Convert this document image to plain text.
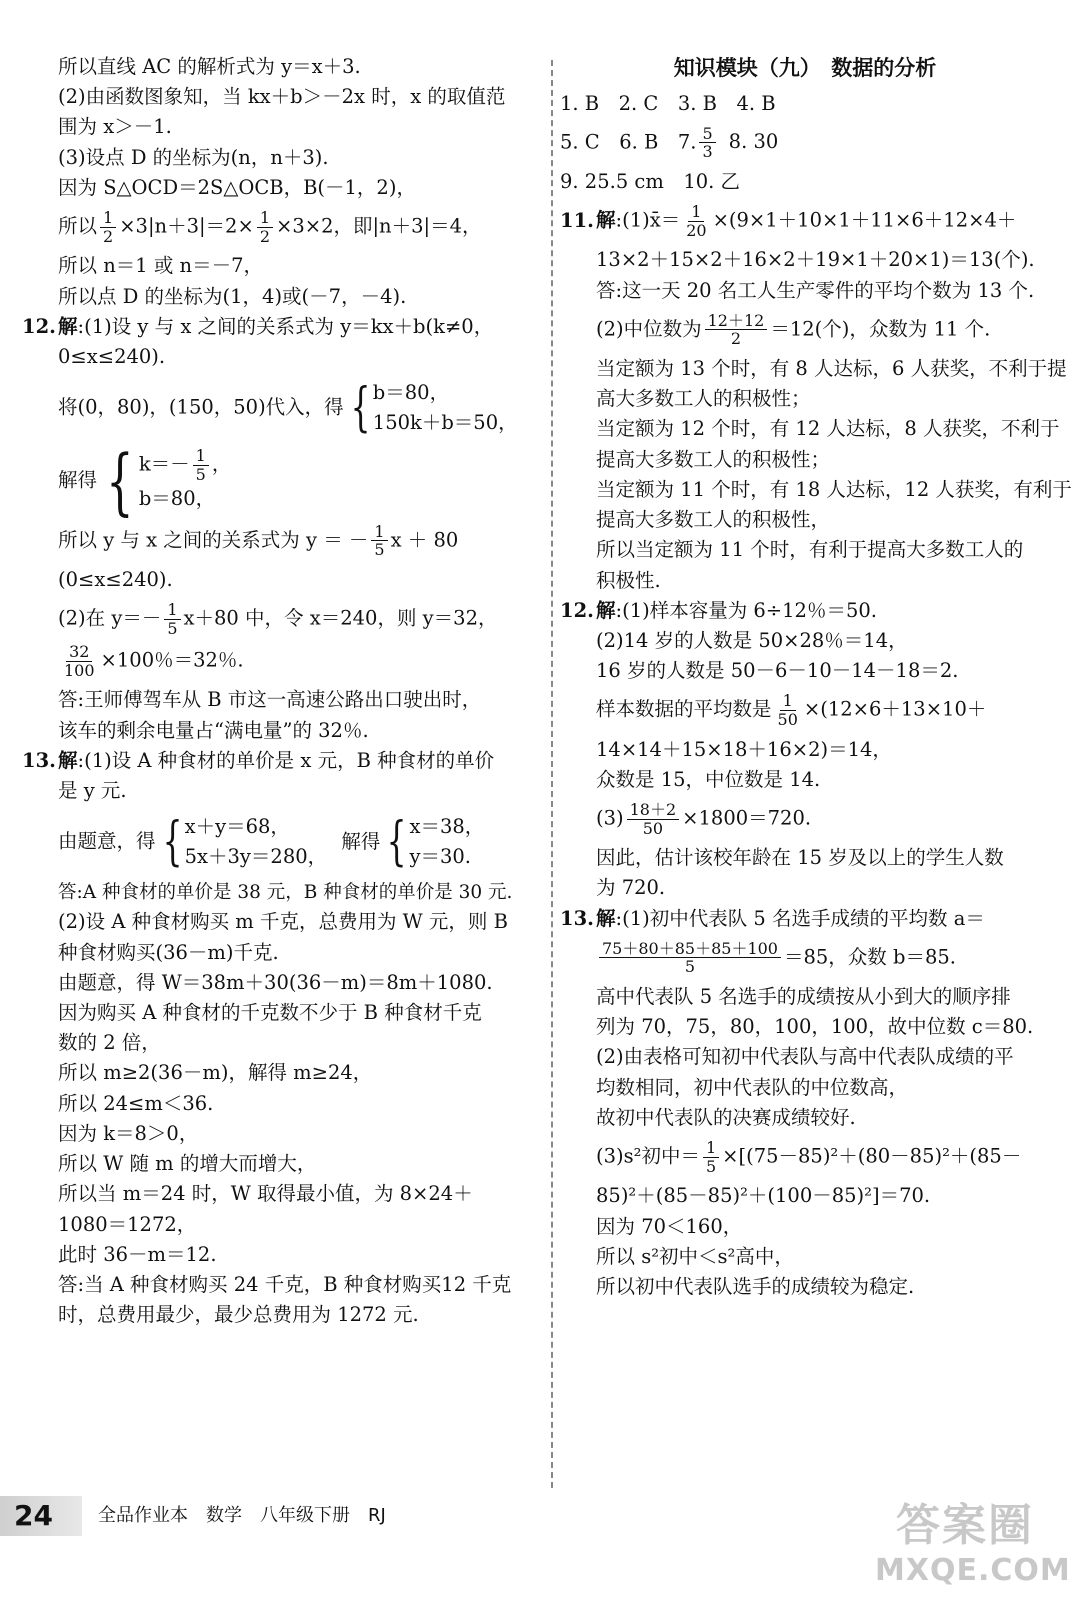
所以直线 AC 的解析式为 y＝x＋3.
(2)由函数图象知，当 kx＋b＞－2x 时，x 的取值范
围为 x＞－1.
(3)设点 D 的坐标为(n，n＋3).
因为 S△OCD＝2S△OCB，B(－1，2)，
所以 $\frac{1}{2} \times 3|n+3|=2\times \frac{1}{2} \times 3\times 2$，即|n＋3|＝4，
所以 n＝1 或 n＝－7，
所以点 D 的坐标为(1，4)或(－7，－4).
12. 解:(1)设 y 与 x 之间的关系式为 y＝kx＋b(k≠0，
0≤x≤240).
将(0，80)，(150，50)代入，得 { b＝80，
150k＋b＝50，
解得 { $k=- \frac{1}{5}$ ，
b＝80，
所以 y 与 x 之间的关系式为 y ＝ － $\frac{1}{5}$ x ＋ 80
(0≤x≤240).
(2)在 $y=- \frac{1}{5} x+80$ 中，令 x＝240，则 y＝32，
$\frac{32}{100} \times 100$％＝32％.
答:王师傅驾车从 B 市这一高速公路出口驶出时，
该车的剩余电量占“满电量”的 32％.
13. 解:(1)设 A 种食材的单价是 x 元，B 种食材的单价
是 y 元.
由题意，得 { x＋y＝68，
5x＋3y＝280，
解得 { x＝38，
y＝30.
答:A 种食材的单价是 38 元，B 种食材的单价是 30 元.
(2)设 A 种食材购买 m 千克，总费用为 W 元，则 B
种食材购买(36－m)千克.
由题意，得 W＝38m＋30(36－m)＝8m＋1080.
因为购买 A 种食材的千克数不少于 B 种食材千克
数的 2 倍，
所以 m≥2(36－m)，解得 m≥24，
所以 24≤m＜36.
因为 k＝8＞0，
所以 W 随 m 的增大而增大，
所以当 m＝24 时，W 取得最小值，为 8×24＋
1080＝1272，
此时 36－m＝12.
答:当 A 种食材购买 24 千克，B 种食材购买12 千克
时，总费用最少，最少总费用为 1272 元.
知识模块（九）　数据的分析
1. B　2. C　3. B　4. B
5. C　6. B　7. $\frac{5}{3} 8$. 30
9. 25.5 cm　10. 乙
11. 解:(1)x̄＝ $\frac{1}{20} \times(9\times 1+10\times 1+11\times 6+12\times 4+$
13×2＋15×2＋16×2＋19×1＋20×1)＝13(个).
答:这一天 20 名工人生产零件的平均个数为 13 个.
(2)中位数为 $\frac{12+12}{2} =12$(个)，众数为 11 个.
当定额为 13 个时，有 8 人达标，6 人获奖，不利于提
高大多数工人的积极性；
当定额为 12 个时，有 12 人达标，8 人获奖，不利于
提高大多数工人的积极性；
当定额为 11 个时，有 18 人达标，12 人获奖，有利于
提高大多数工人的积极性，
所以当定额为 11 个时，有利于提高大多数工人的
积极性.
12. 解:(1)样本容量为 6÷12％＝50.
(2)14 岁的人数是 50×28％＝14，
16 岁的人数是 50－6－10－14－18＝2.
样本数据的平均数是 $\frac{1}{50} \times(12\times 6+13\times 10+$
14×14＋15×18＋16×2)＝14，
众数是 15，中位数是 14.
$(3) \frac{18+2}{50} \times 1800=720$.
因此，估计该校年龄在 15 岁及以上的学生人数
为 720.
13. 解:(1)初中代表队 5 名选手成绩的平均数 a＝
$\frac{75+80+85+85+100}{5} =85$，众数 b＝85.
高中代表队 5 名选手的成绩按从小到大的顺序排
列为 70，75，80，100，100，故中位数 c＝80.
(2)由表格可知初中代表队与高中代表队成绩的平
均数相同，初中代表队的中位数高，
故初中代表队的决赛成绩较好.
(3)s²初中＝ $\frac{1}{5} \times[(75-85)^2+(80-85)^2+(85-$
85)²＋(85－85)²＋(100－85)²]＝70.
因为 70＜160，
所以 s²初中＜s²高中，
所以初中代表队选手的成绩较为稳定.
24	全品作业本　数学　八年级下册　RJ	答案圈
MXQE.COM
